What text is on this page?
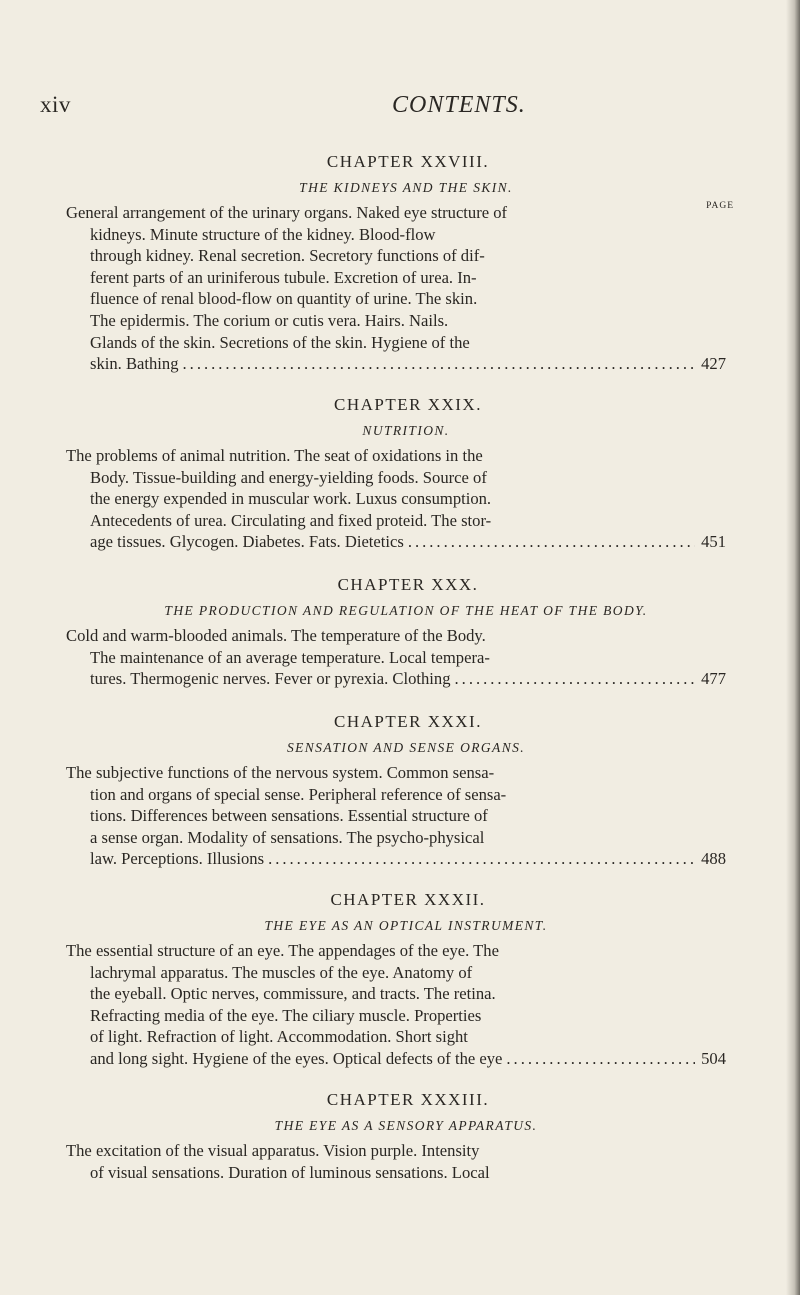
xiv	CONTENTS.
CHAPTER XXVIII.
THE KIDNEYS AND THE SKIN.
PAGE
General arrangement of the urinary organs. Naked eye structure of
kidneys. Minute structure of the kidney. Blood-flow
through kidney. Renal secretion. Secretory functions of dif-
ferent parts of an uriniferous tubule. Excretion of urea. In-
fluence of renal blood-flow on quantity of urine. The skin.
The epidermis. The corium or cutis vera. Hairs. Nails.
Glands of the skin. Secretions of the skin. Hygiene of the
skin. Bathing .....	427
CHAPTER XXIX.
NUTRITION.
The problems of animal nutrition. The seat of oxidations in the
Body. Tissue-building and energy-yielding foods. Source of
the energy expended in muscular work. Luxus consumption.
Antecedents of urea. Circulating and fixed proteid. The stor-
age tissues. Glycogen. Diabetes. Fats. Dietetics .....	451
CHAPTER XXX.
THE PRODUCTION AND REGULATION OF THE HEAT OF THE BODY.
Cold and warm-blooded animals. The temperature of the Body.
The maintenance of an average temperature. Local tempera-
tures. Thermogenic nerves. Fever or pyrexia. Clothing .....	477
CHAPTER XXXI.
SENSATION AND SENSE ORGANS.
The subjective functions of the nervous system. Common sensa-
tion and organs of special sense. Peripheral reference of sensa-
tions. Differences between sensations. Essential structure of
a sense organ. Modality of sensations. The psycho-physical
law. Perceptions. Illusions .....	488
CHAPTER XXXII.
THE EYE AS AN OPTICAL INSTRUMENT.
The essential structure of an eye. The appendages of the eye. The
lachrymal apparatus. The muscles of the eye. Anatomy of
the eyeball. Optic nerves, commissure, and tracts. The retina.
Refracting media of the eye. The ciliary muscle. Properties
of light. Refraction of light. Accommodation. Short sight
and long sight. Hygiene of the eyes. Optical defects of the eye .....	504
CHAPTER XXXIII.
THE EYE AS A SENSORY APPARATUS.
The excitation of the visual apparatus. Vision purple. Intensity
of visual sensations. Duration of luminous sensations. Local
